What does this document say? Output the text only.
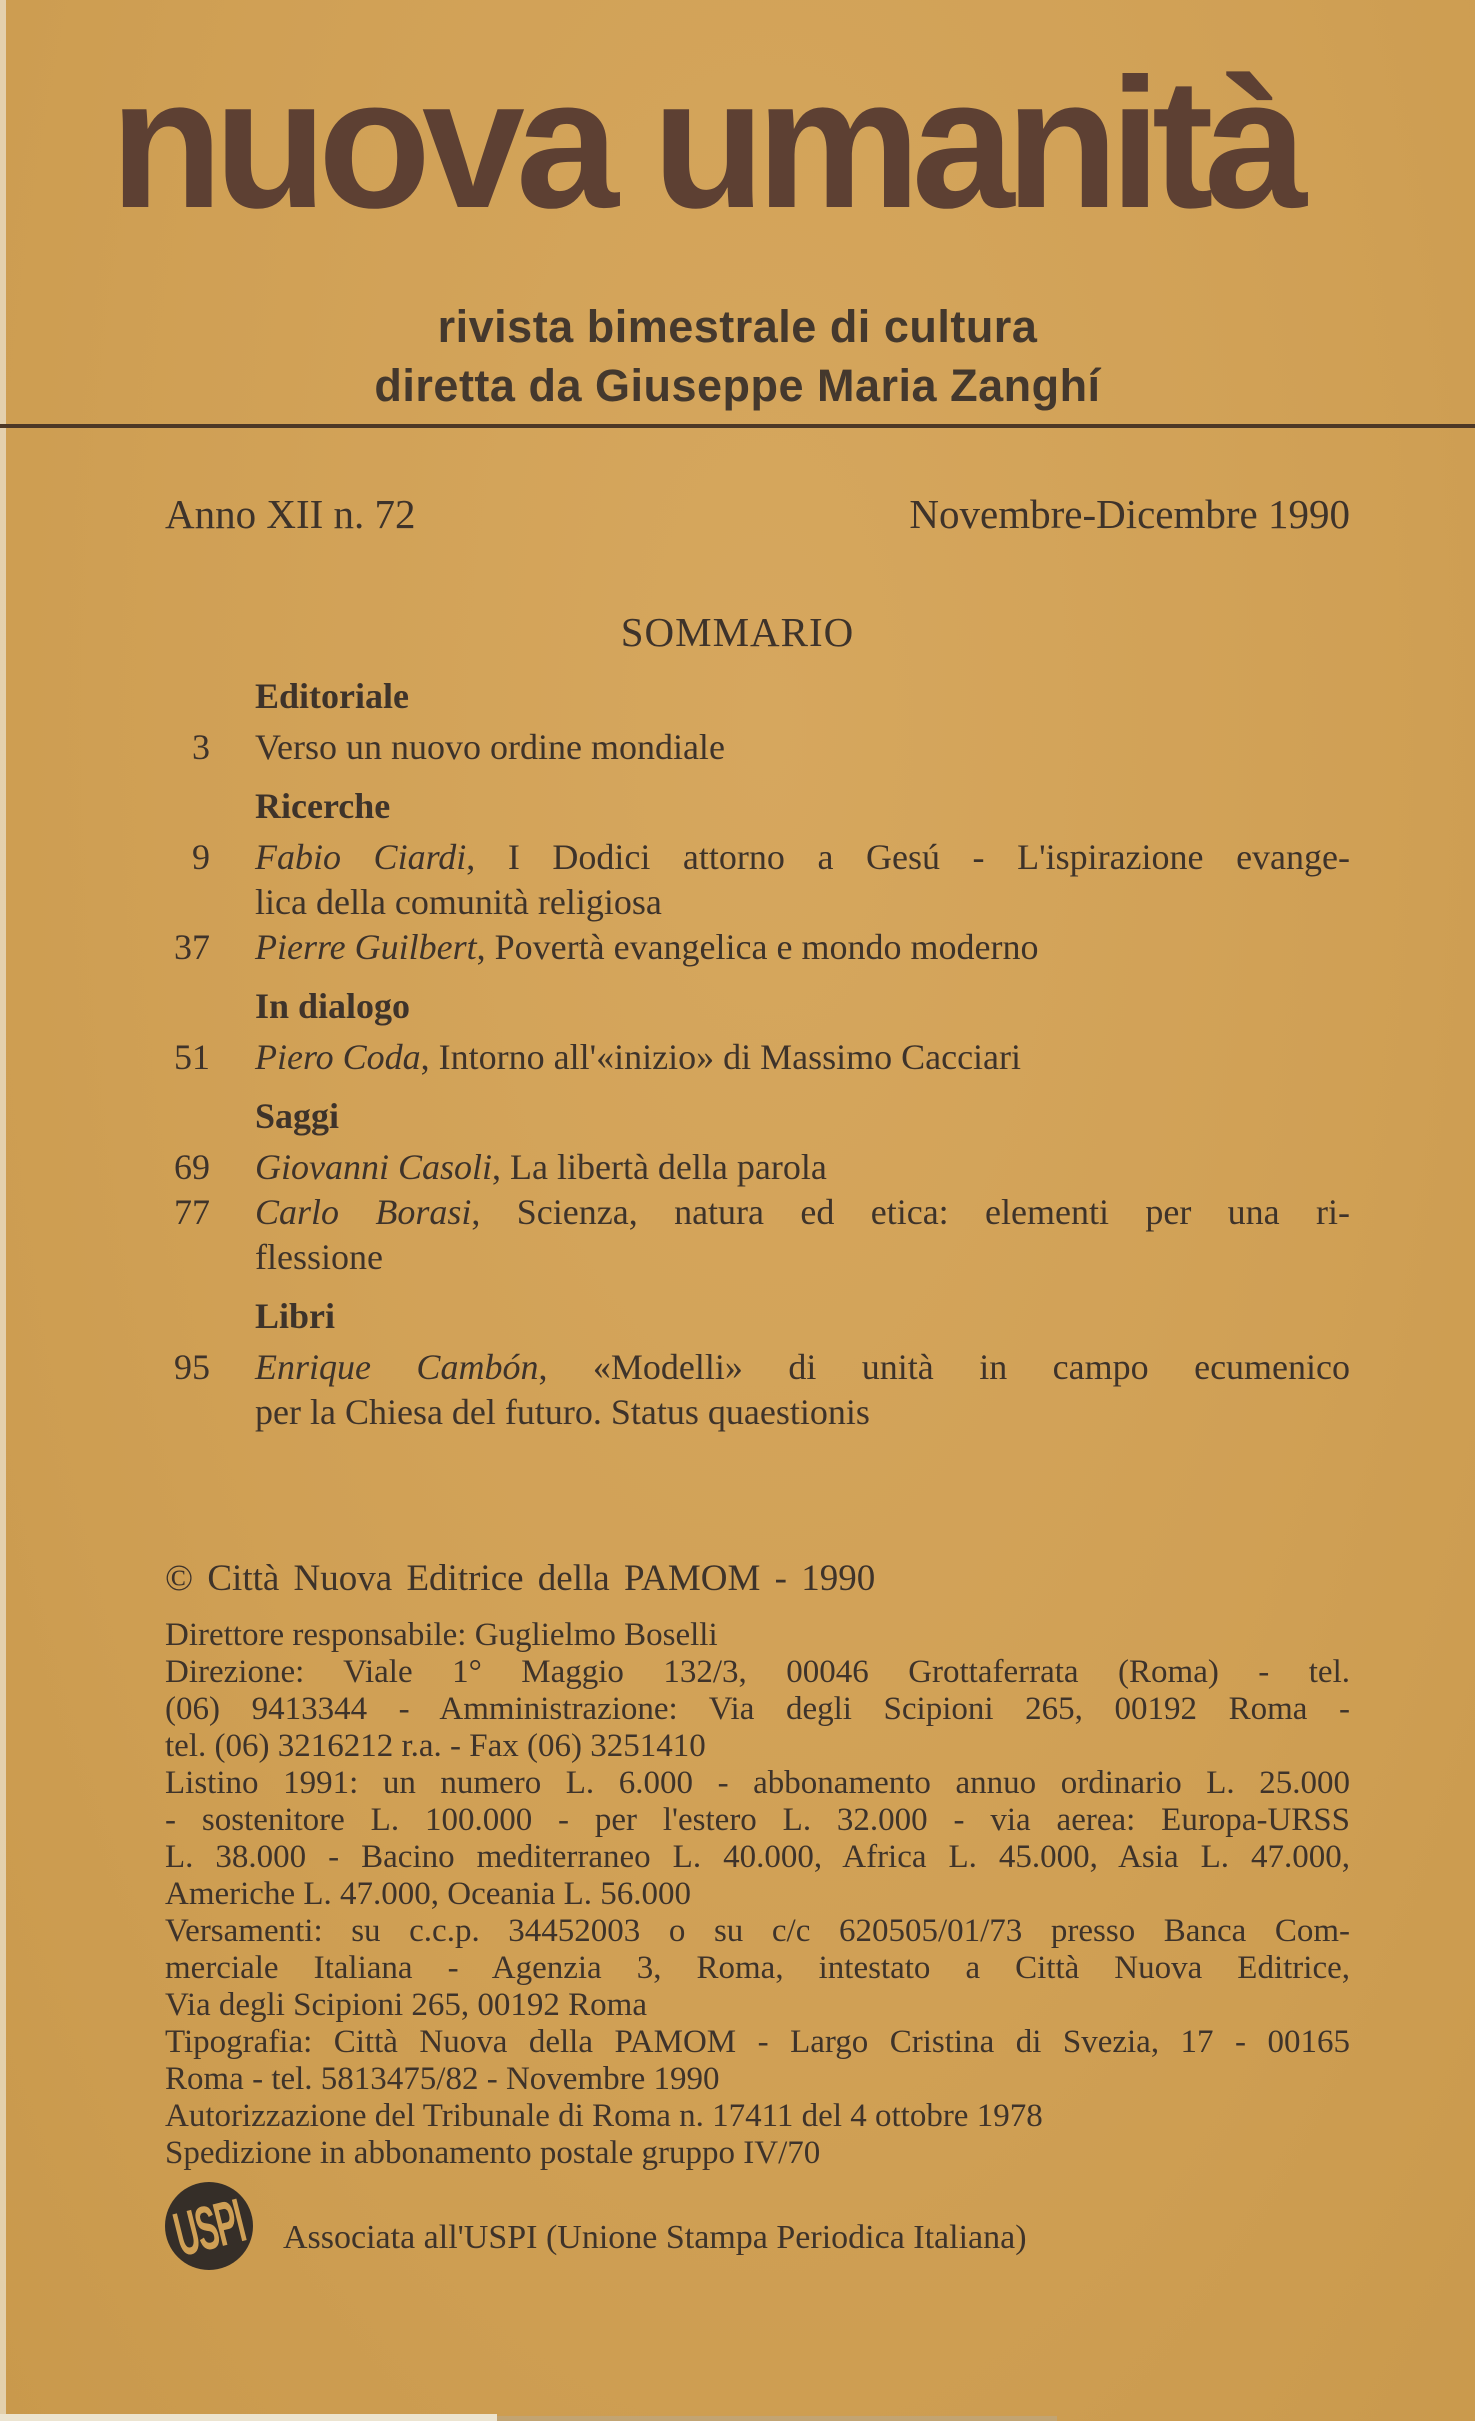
nuova umanità
rivista bimestrale di cultura
diretta da Giuseppe Maria Zanghí
Anno XII n. 72	Novembre-Dicembre 1990
SOMMARIO
Editoriale
3 Verso un nuovo ordine mondiale
Ricerche
9 Fabio Ciardi, I Dodici attorno a Gesú - L'ispirazione evange-
lica della comunità religiosa
37 Pierre Guilbert, Povertà evangelica e mondo moderno
In dialogo
51 Piero Coda, Intorno all'«inizio» di Massimo Cacciari
Saggi
69 Giovanni Casoli, La libertà della parola
77 Carlo Borasi, Scienza, natura ed etica: elementi per una ri-
flessione
Libri
95 Enrique Cambón, «Modelli» di unità in campo ecumenico
per la Chiesa del futuro. Status quaestionis
© Città Nuova Editrice della PAMOM - 1990
Direttore responsabile: Guglielmo Boselli
Direzione: Viale 1° Maggio 132/3, 00046 Grottaferrata (Roma) - tel.
(06) 9413344 - Amministrazione: Via degli Scipioni 265, 00192 Roma -
tel. (06) 3216212 r.a. - Fax (06) 3251410
Listino 1991: un numero L. 6.000 - abbonamento annuo ordinario L. 25.000
- sostenitore L. 100.000 - per l'estero L. 32.000 - via aerea: Europa-URSS
L. 38.000 - Bacino mediterraneo L. 40.000, Africa L. 45.000, Asia L. 47.000,
Americhe L. 47.000, Oceania L. 56.000
Versamenti: su c.c.p. 34452003 o su c/c 620505/01/73 presso Banca Com-
merciale Italiana - Agenzia 3, Roma, intestato a Città Nuova Editrice,
Via degli Scipioni 265, 00192 Roma
Tipografia: Città Nuova della PAMOM - Largo Cristina di Svezia, 17 - 00165
Roma - tel. 5813475/82 - Novembre 1990
Autorizzazione del Tribunale di Roma n. 17411 del 4 ottobre 1978
Spedizione in abbonamento postale gruppo IV/70
USPI Associata all'USPI (Unione Stampa Periodica Italiana)
